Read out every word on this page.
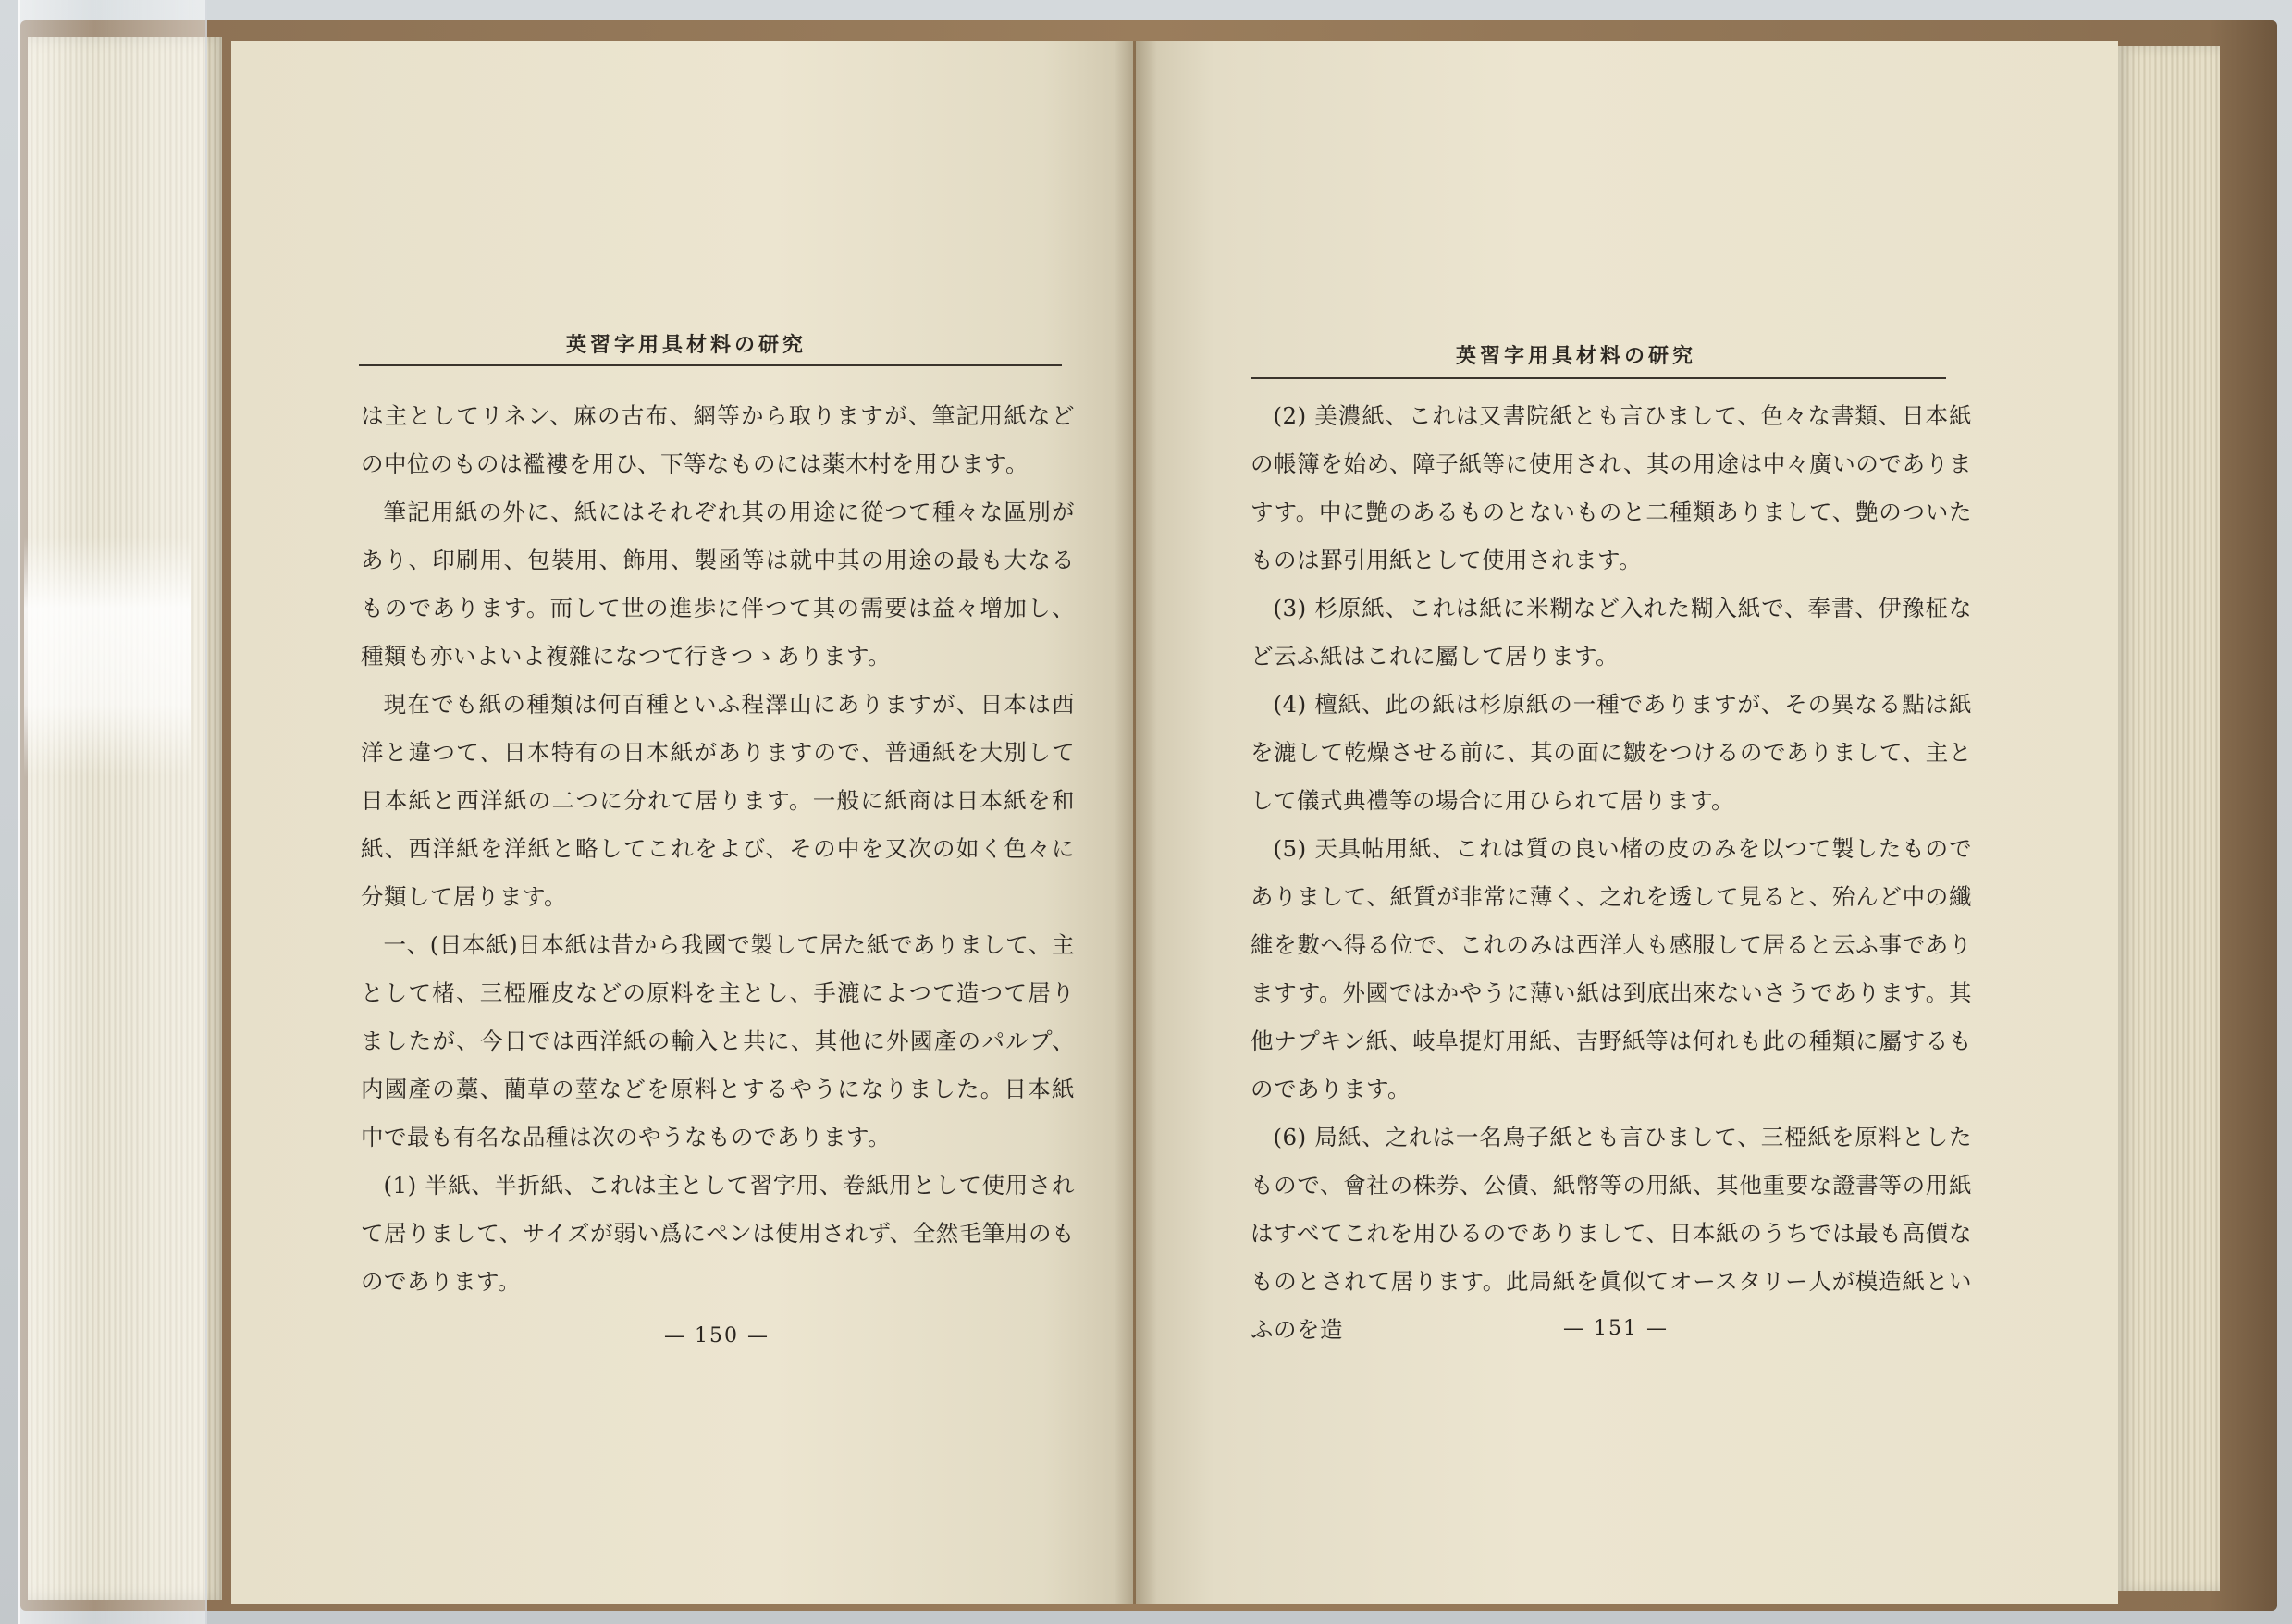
英習字用具材料の研究

は主としてリネン、麻の古布、網等から取りますが、筆記用紙などの中位のものは襤褸を用ひ、下等なものには薬木村を用ひます。

筆記用紙の外に、紙にはそれぞれ其の用途に從つて種々な區別があり、印刷用、包裝用、飾用、製函等は就中其の用途の最も大なるものであります。而して世の進歩に伴つて其の需要は益々增加し、種類も亦いよいよ複雜になつて行きつゝあります。

現在でも紙の種類は何百種といふ程澤山にありますが、日本は西洋と違つて、日本特有の日本紙がありますので、普通紙を大別して日本紙と西洋紙の二つに分れて居ります。一般に紙商は日本紙を和紙、西洋紙を洋紙と略してこれをよび、その中を又次の如く色々に分類して居ります。

一、(日本紙)日本紙は昔から我國で製して居た紙でありまして、主として楮、三椏雁皮などの原料を主とし、手漉によつて造つて居りましたが、今日では西洋紙の輸入と共に、其他に外國產のパルプ、内國產の藁、藺草の莖などを原料とするやうになりました。日本紙中で最も有名な品種は次のやうなものであります。

(1) 半紙、半折紙、これは主として習字用、卷紙用として使用されて居りまして、サイズが弱い爲にペンは使用されず、全然毛筆用のものであります。

— 150 —
英習字用具材料の研究

(2) 美濃紙、これは又書院紙とも言ひまして、色々な書類、日本紙の帳簿を始め、障子紙等に使用され、其の用途は中々廣いのでありますす。中に艶のあるものとないものと二種類ありまして、艶のついたものは罫引用紙として使用されます。

(3) 杉原紙、これは紙に米糊など入れた糊入紙で、奉書、伊豫柾など云ふ紙はこれに屬して居ります。

(4) 檀紙、此の紙は杉原紙の一種でありますが、その異なる點は紙を漉して乾燥させる前に、其の面に皺をつけるのでありまして、主として儀式典禮等の場合に用ひられて居ります。

(5) 天具帖用紙、これは質の良い楮の皮のみを以つて製したものでありまして、紙質が非常に薄く、之れを透して見ると、殆んど中の纖維を數へ得る位で、これのみは西洋人も感服して居ると云ふ事でありますす。外國ではかやうに薄い紙は到底出來ないさうであります。其他ナプキン紙、岐阜提灯用紙、吉野紙等は何れも此の種類に屬するものであります。

(6) 局紙、之れは一名鳥子紙とも言ひまして、三椏紙を原料としたもので、會社の株券、公債、紙幣等の用紙、其他重要な證書等の用紙はすべてこれを用ひるのでありまして、日本紙のうちでは最も高價なものとされて居ります。此局紙を眞似てオースタリー人が模造紙といふのを造	— 151 —
